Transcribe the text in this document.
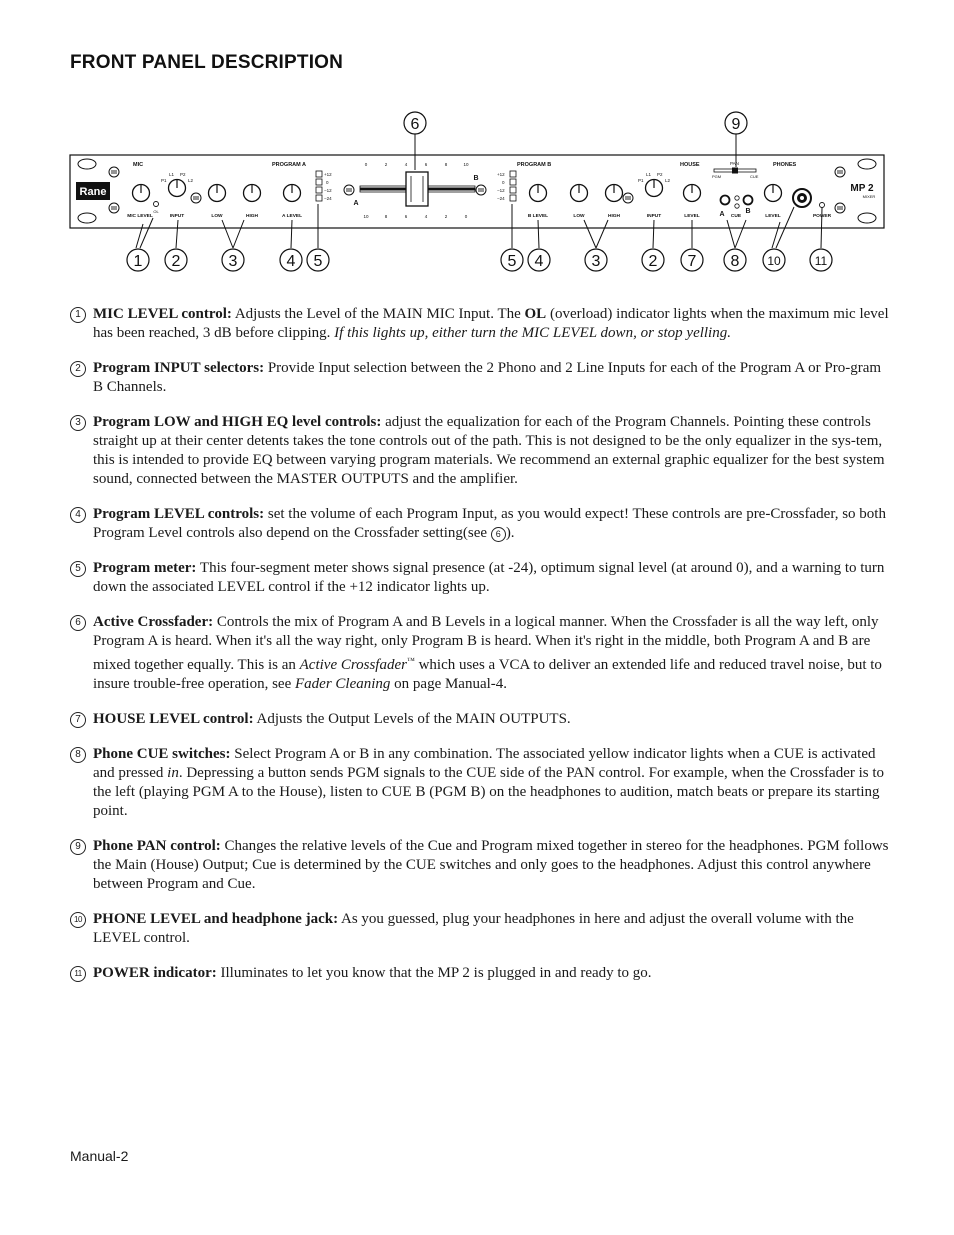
FRONT PANEL DESCRIPTION
Rane
MIC	PROGRAM A	PROGRAM B	HOUSE	PHONES
PAN
OL
L1 P2
P1	L2
L1 P2
P1	L2
+12
0
−12
−24
+12
0
−12
−24
A
B
0	2	4	6	8	10
10	8	6	4	2	0
PGM	CUE
A	B
MP 2
MIXER
MIC LEVEL	INPUT	LOW	HIGH	A LEVEL	B LEVEL	LOW	HIGH	INPUT	LEVEL	CUE	LEVEL	POWER
6	9
1 2	3	4 5	5 4	3	2 7 8 10	11

1 MIC LEVEL control: Adjusts the Level of the MAIN MIC Input. The OL (overload) indicator lights when the maximum mic level has been reached, 3 dB before clipping. If this lights up, either turn the MIC LEVEL down, or stop yelling.

2 Program INPUT selectors: Provide Input selection between the 2 Phono and 2 Line Inputs for each of the Program A or Pro-gram B Channels.

3 Program LOW and HIGH EQ level controls: adjust the equalization for each of the Program Channels. Pointing these controls straight up at their center detents takes the tone controls out of the path. This is not designed to be the only equalizer in the sys-tem, this is intended to provide EQ between varying program materials. We recommend an external graphic equalizer for the best system sound, connected between the MASTER OUTPUTS and the amplifier.

4 Program LEVEL controls: set the volume of each Program Input, as you would expect! These controls are pre-Crossfader, so both Program Level controls also depend on the Crossfader setting(see 6 ).

5 Program meter: This four-segment meter shows signal presence (at -24), optimum signal level (at around 0), and a warning to turn down the associated LEVEL control if the +12 indicator lights up.

6 Active Crossfader: Controls the mix of Program A and B Levels in a logical manner. When the Crossfader is all the way left, only Program A is heard. When it's all the way right, only Program B is heard. When it's right in the middle, both Program A and B are mixed together equally. This is an Active Crossfader™ which uses a VCA to deliver an extended life and reduced travel noise, but to insure trouble-free operation, see Fader Cleaning on page Manual-4.

7 HOUSE LEVEL control: Adjusts the Output Levels of the MAIN OUTPUTS.

8 Phone CUE switches: Select Program A or B in any combination. The associated yellow indicator lights when a CUE is activated and pressed in. Depressing a button sends PGM signals to the CUE side of the PAN control. For example, when the Crossfader is to the left (playing PGM A to the House), listen to CUE B (PGM B) on the headphones to audition, match beats or prepare its starting point.

9 Phone PAN control: Changes the relative levels of the Cue and Program mixed together in stereo for the headphones. PGM follows the Main (House) Output; Cue is determined by the CUE switches and only goes to the headphones. Adjust this control anywhere between Program and Cue.

10 PHONE LEVEL and headphone jack: As you guessed, plug your headphones in here and adjust the overall volume with the LEVEL control.

11 POWER indicator: Illuminates to let you know that the MP 2 is plugged in and ready to go.

Manual-2
